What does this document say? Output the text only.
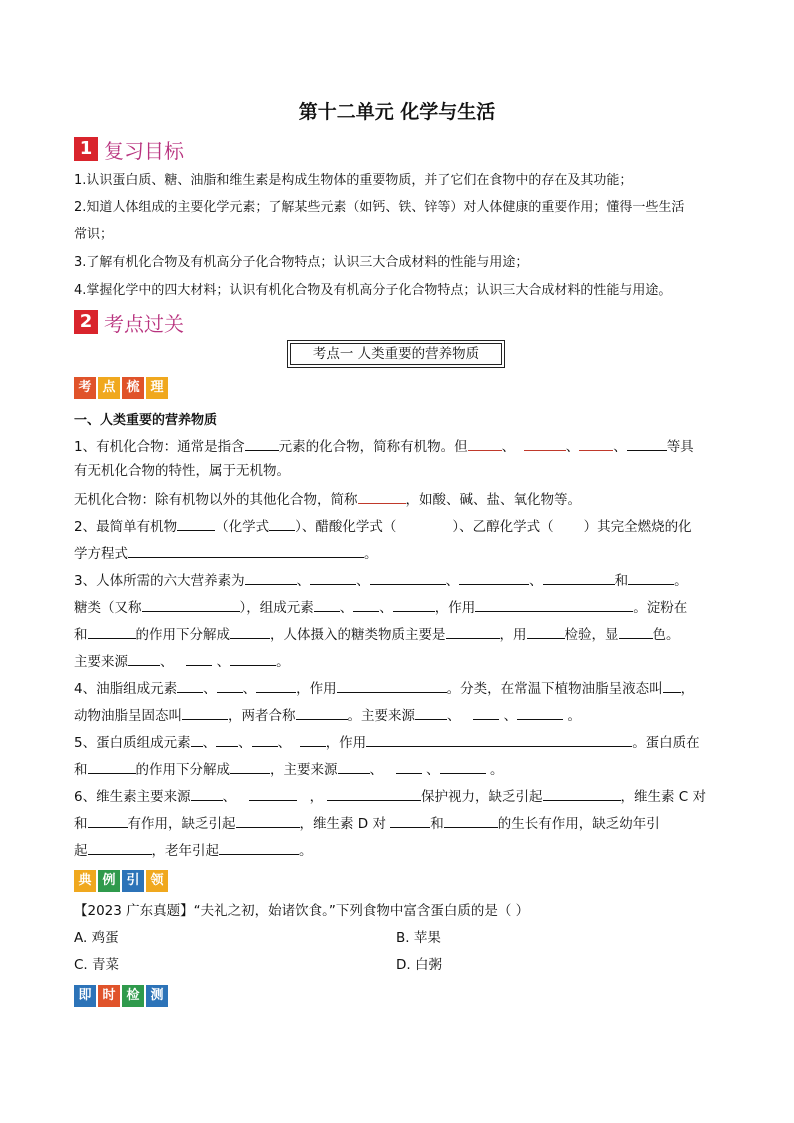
第十二单元 化学与生活
1 复习目标
1.认识蛋白质、糖、油脂和维生素是构成生物体的重要物质，并了它们在食物中的存在及其功能；
2.知道人体组成的主要化学元素；了解某些元素（如钙、铁、锌等）对人体健康的重要作用；懂得一些生活
常识；
3.了解有机化合物及有机高分子化合物特点；认识三大合成材料的性能与用途；
4.掌握化学中的四大材料；认识有机化合物及有机高分子化合物特点；认识三大合成材料的性能与用途。
2 考点过关
考点一 人类重要的营养物质
考 点 梳 理
一、人类重要的营养物质
1、有机化合物：通常是指含	元素的化合物，简称有机物。但	、	、	、	等具
有无机化合物的特性，属于无机物。
无机化合物：除有机物以外的其他化合物，简称	，如酸、碱、盐、氧化物等。
2、最简单有机物	（化学式 ）、醋酸化学式（	）、乙醇化学式（ ）其完全燃烧的化
学方程式	。
3、人体所需的六大营养素为	、	、	、	、	和	。
糖类（又称	），组成元素 、 、	，作用	。淀粉在
和	的作用下分解成	，人体摄入的糖类物质主要是	，用	检验，显	色。
主要来源 、	、	。
4、油脂组成元素 、 、	，作用	。分类，在常温下植物油脂呈液态叫 ，
动物油脂呈固态叫	，两者合称	。主要来源 、	、	。
5、蛋白质组成元素 、 、 、	，作用	。蛋白质在
和	的作用下分解成	，主要来源 、	、	。
6、维生素主要来源 、	，	保护视力，缺乏引起	，维生素 C 对
和	有作用，缺乏引起	，维生素 D 对	和	的生长有作用，缺乏幼年引
起	，老年引起	。
典 例 引 领
【2023 广东真题】“夫礼之初，始诸饮食。”下列食物中富含蛋白质的是（ ）
A. 鸡蛋	B. 苹果
C. 青菜	D. 白粥
即 时 检 测
